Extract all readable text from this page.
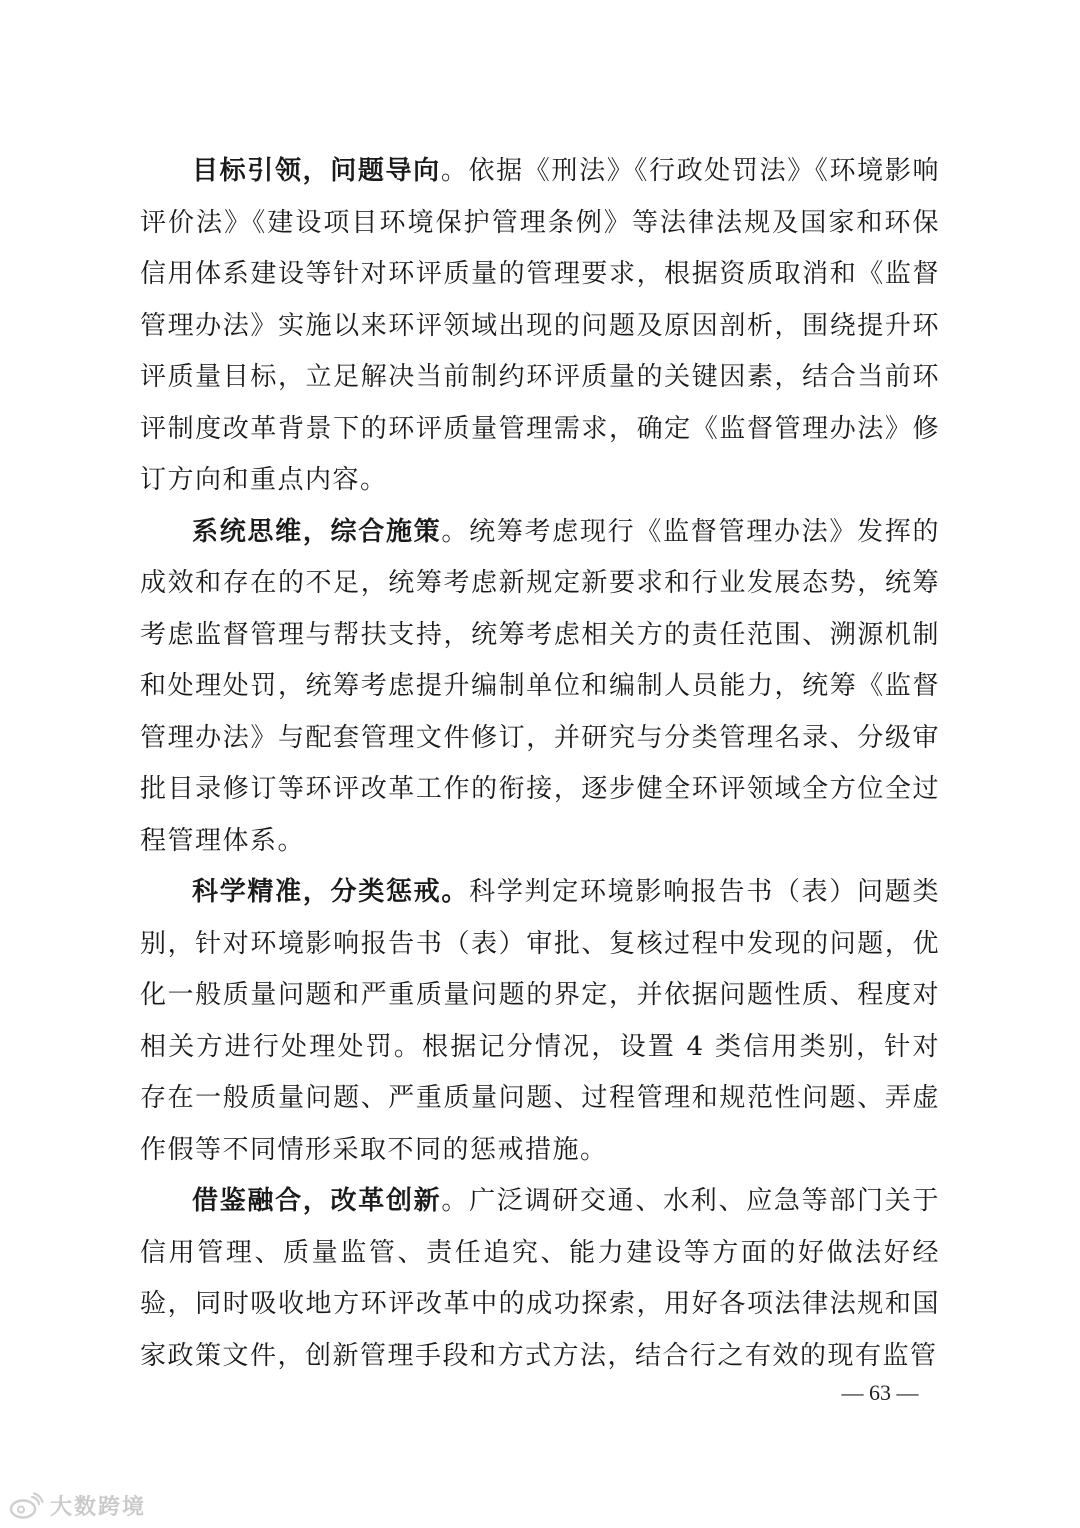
目标引领，问题导向。依据《刑法》《行政处罚法》《环境影响评价法》《建设项目环境保护管理条例》等法律法规及国家和环保信用体系建设等针对环评质量的管理要求，根据资质取消和《监督管理办法》实施以来环评领域出现的问题及原因剖析，围绕提升环评质量目标，立足解决当前制约环评质量的关键因素，结合当前环评制度改革背景下的环评质量管理需求，确定《监督管理办法》修订方向和重点内容。

系统思维，综合施策。统筹考虑现行《监督管理办法》发挥的成效和存在的不足，统筹考虑新规定新要求和行业发展态势，统筹考虑监督管理与帮扶支持，统筹考虑相关方的责任范围、溯源机制和处理处罚，统筹考虑提升编制单位和编制人员能力，统筹《监督管理办法》与配套管理文件修订，并研究与分类管理名录、分级审批目录修订等环评改革工作的衔接，逐步健全环评领域全方位全过程管理体系。

科学精准，分类惩戒。科学判定环境影响报告书（表）问题类别，针对环境影响报告书（表）审批、复核过程中发现的问题，优化一般质量问题和严重质量问题的界定，并依据问题性质、程度对相关方进行处理处罚。根据记分情况，设置 4 类信用类别，针对存在一般质量问题、严重质量问题、过程管理和规范性问题、弄虚作假等不同情形采取不同的惩戒措施。

借鉴融合，改革创新。广泛调研交通、水利、应急等部门关于信用管理、质量监管、责任追究、能力建设等方面的好做法好经验，同时吸收地方环评改革中的成功探索，用好各项法律法规和国家政策文件，创新管理手段和方式方法，结合行之有效的现有监管

— 63 —
大数跨境
